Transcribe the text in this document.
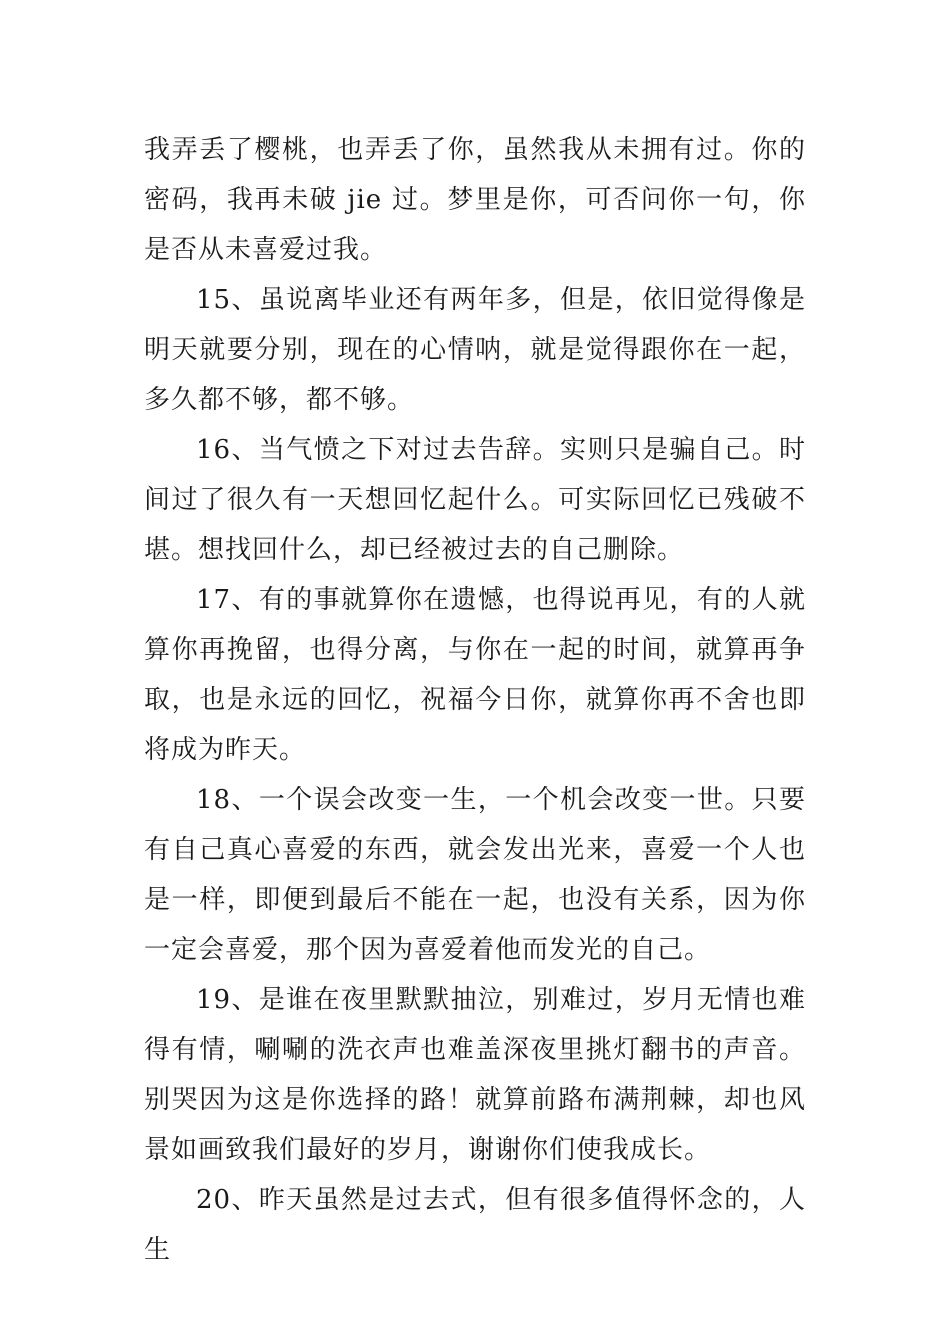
我弄丢了樱桃，也弄丢了你，虽然我从未拥有过。你的密码，我再未破 jie 过。梦里是你，可否问你一句，你是否从未喜爱过我。

15、虽说离毕业还有两年多，但是，依旧觉得像是明天就要分别，现在的心情呐，就是觉得跟你在一起，多久都不够，都不够。

16、当气愤之下对过去告辞。实则只是骗自己。时间过了很久有一天想回忆起什么。可实际回忆已残破不堪。想找回什么，却已经被过去的自己删除。

17、有的事就算你在遗憾，也得说再见，有的人就算你再挽留，也得分离，与你在一起的时间，就算再争取，也是永远的回忆，祝福今日你，就算你再不舍也即将成为昨天。

18、一个误会改变一生，一个机会改变一世。只要有自己真心喜爱的东西，就会发出光来，喜爱一个人也是一样，即便到最后不能在一起，也没有关系，因为你一定会喜爱，那个因为喜爱着他而发光的自己。

19、是谁在夜里默默抽泣，别难过，岁月无情也难得有情，唰唰的洗衣声也难盖深夜里挑灯翻书的声音。别哭因为这是你选择的路！就算前路布满荆棘，却也风景如画致我们最好的岁月，谢谢你们使我成长。

20、昨天虽然是过去式，但有很多值得怀念的，人生
